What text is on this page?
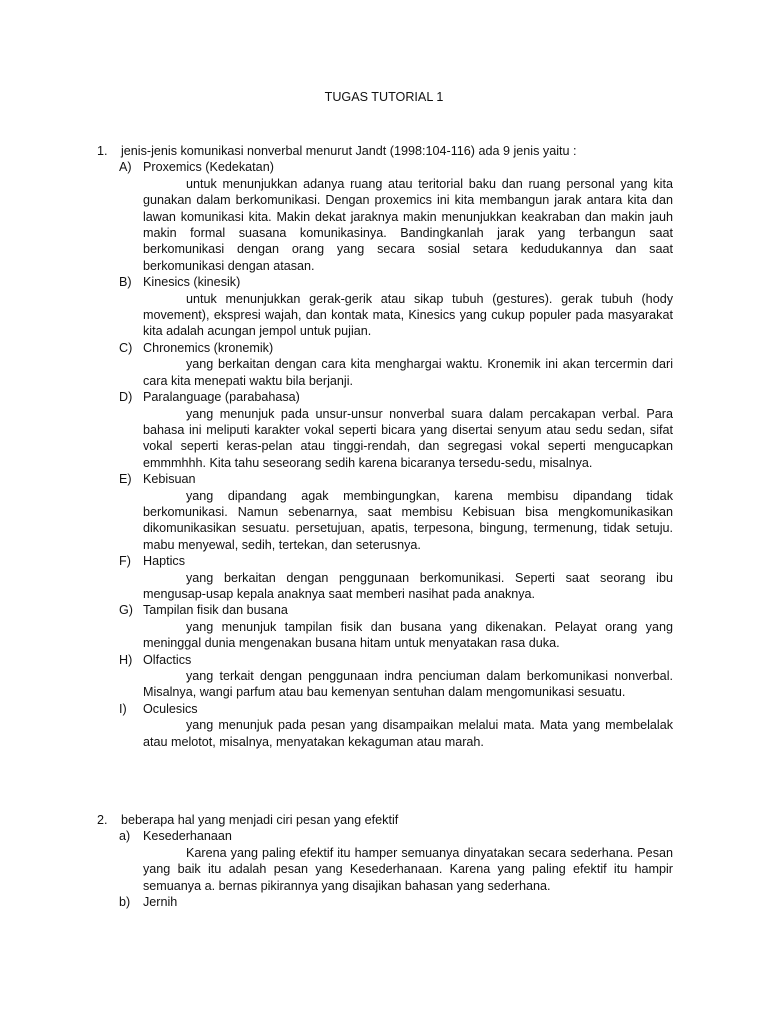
TUGAS TUTORIAL 1
1. jenis-jenis komunikasi nonverbal menurut Jandt (1998:104-116) ada 9 jenis yaitu :
A) Proxemics (Kedekatan)
untuk menunjukkan adanya ruang atau teritorial baku dan ruang personal yang kita gunakan dalam berkomunikasi. Dengan proxemics ini kita membangun jarak antara kita dan lawan komunikasi kita. Makin dekat jaraknya makin menunjukkan keakraban dan makin jauh makin formal suasana komunikasinya. Bandingkanlah jarak yang terbangun saat berkomunikasi dengan orang yang secara sosial setara kedudukannya dan saat berkomunikasi dengan atasan.
B) Kinesics (kinesik)
untuk menunjukkan gerak-gerik atau sikap tubuh (gestures). gerak tubuh (hody movement), ekspresi wajah, dan kontak mata, Kinesics yang cukup populer pada masyarakat kita adalah acungan jempol untuk pujian.
C) Chronemics (kronemik)
yang berkaitan dengan cara kita menghargai waktu. Kronemik ini akan tercermin dari cara kita menepati waktu bila berjanji.
D) Paralanguage (parabahasa)
yang menunjuk pada unsur-unsur nonverbal suara dalam percakapan verbal. Para bahasa ini meliputi karakter vokal seperti bicara yang disertai senyum atau sedu sedan, sifat vokal seperti keras-pelan atau tinggi-rendah, dan segregasi vokal seperti mengucapkan emmmhhh. Kita tahu seseorang sedih karena bicaranya tersedu-sedu, misalnya.
E) Kebisuan
yang dipandang agak membingungkan, karena membisu dipandang tidak berkomunikasi. Namun sebenarnya, saat membisu Kebisuan bisa mengkomunikasikan dikomunikasikan sesuatu. persetujuan, apatis, terpesona, bingung, termenung, tidak setuju. mabu menyewal, sedih, tertekan, dan seterusnya.
F) Haptics
yang berkaitan dengan penggunaan berkomunikasi. Seperti saat seorang ibu mengusap-usap kepala anaknya saat memberi nasihat pada anaknya.
G) Tampilan fisik dan busana
yang menunjuk tampilan fisik dan busana yang dikenakan. Pelayat orang yang meninggal dunia mengenakan busana hitam untuk menyatakan rasa duka.
H) Olfactics
yang terkait dengan penggunaan indra penciuman dalam berkomunikasi nonverbal. Misalnya, wangi parfum atau bau kemenyan sentuhan dalam mengomunikasi sesuatu.
I) Oculesics
yang menunjuk pada pesan yang disampaikan melalui mata. Mata yang membelalak atau melotot, misalnya, menyatakan kekaguman atau marah.
2. beberapa hal yang menjadi ciri pesan yang efektif
a) Kesederhanaan
Karena yang paling efektif itu hamper semuanya dinyatakan secara sederhana. Pesan yang baik itu adalah pesan yang Kesederhanaan. Karena yang paling efektif itu hampir semuanya a. bernas pikirannya yang disajikan bahasan yang sederhana.
b) Jernih
